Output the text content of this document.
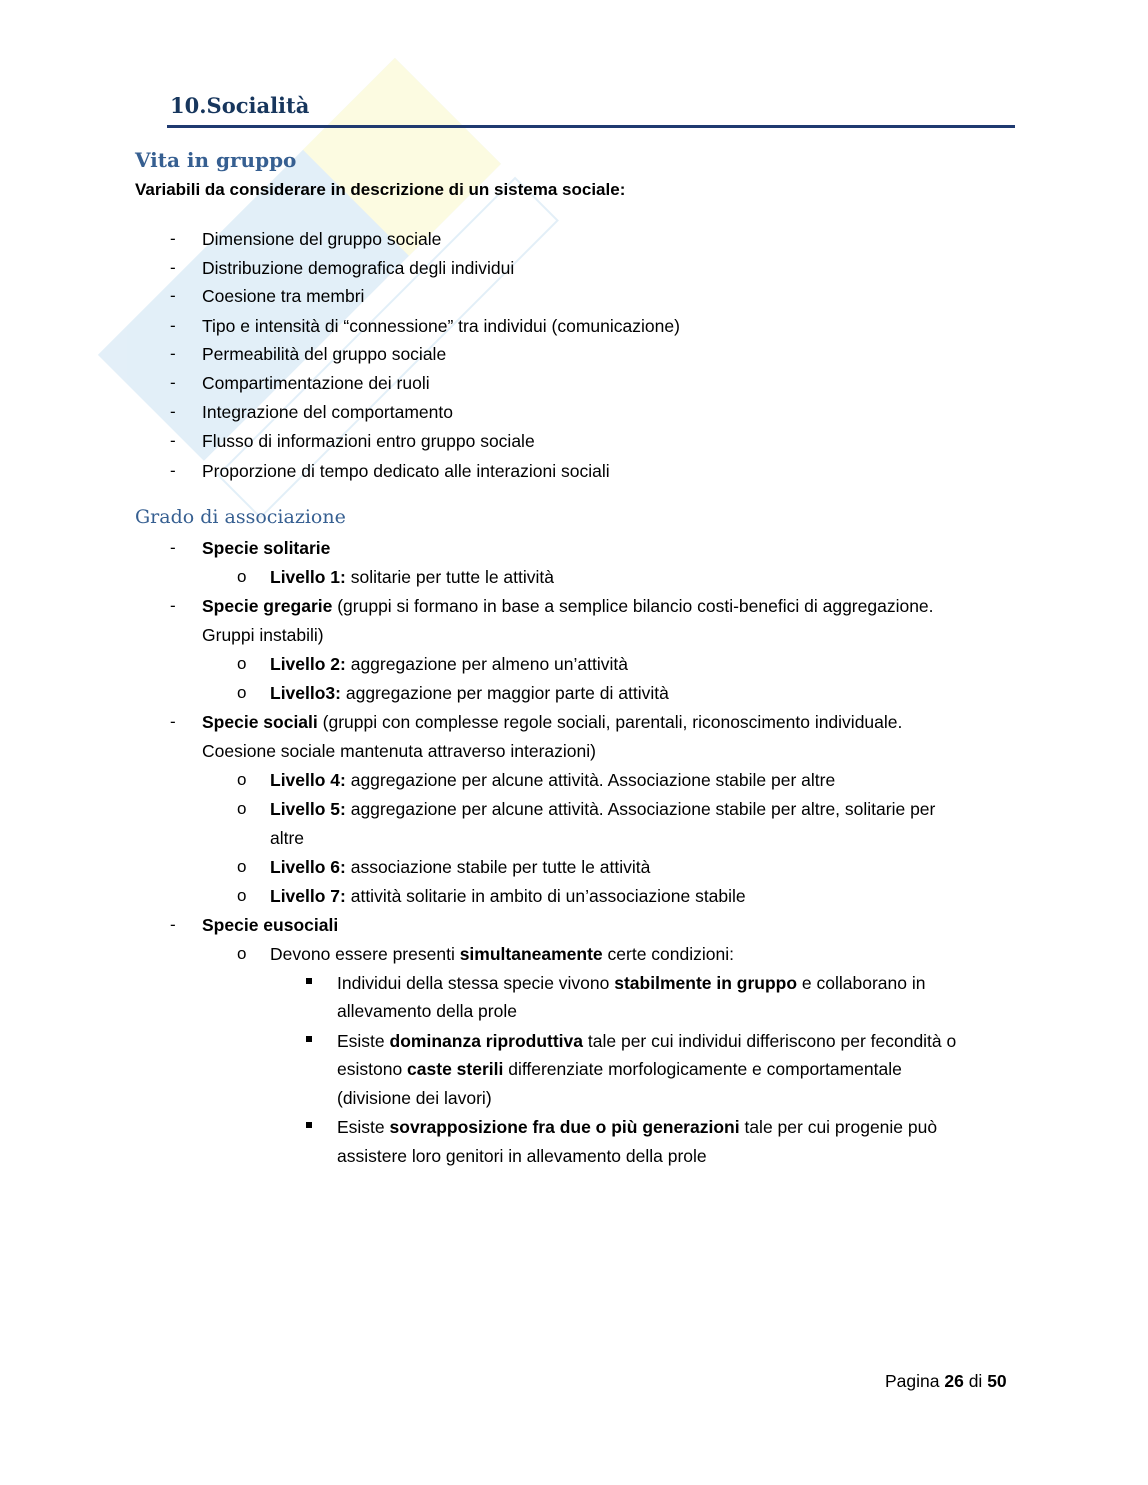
10.Socialità
Vita in gruppo
Variabili da considerare in descrizione di un sistema sociale:
- Dimensione del gruppo sociale
- Distribuzione demografica degli individui
- Coesione tra membri
- Tipo e intensità di “connessione” tra individui (comunicazione)
- Permeabilità del gruppo sociale
- Compartimentazione dei ruoli
- Integrazione del comportamento
- Flusso di informazioni entro gruppo sociale
- Proporzione di tempo dedicato alle interazioni sociali
Grado di associazione
- Specie solitarie
o Livello 1: solitarie per tutte le attività
- Specie gregarie (gruppi si formano in base a semplice bilancio costi-benefici di aggregazione.
Gruppi instabili)
o Livello 2: aggregazione per almeno un’attività
o Livello3: aggregazione per maggior parte di attività
- Specie sociali (gruppi con complesse regole sociali, parentali, riconoscimento individuale.
Coesione sociale mantenuta attraverso interazioni)
o Livello 4: aggregazione per alcune attività. Associazione stabile per altre
o Livello 5: aggregazione per alcune attività. Associazione stabile per altre, solitarie per
altre
o Livello 6: associazione stabile per tutte le attività
o Livello 7: attività solitarie in ambito di un’associazione stabile
- Specie eusociali
o Devono essere presenti simultaneamente certe condizioni:
Individui della stessa specie vivono stabilmente in gruppo e collaborano in
allevamento della prole
Esiste dominanza riproduttiva tale per cui individui differiscono per fecondità o
esistono caste sterili differenziate morfologicamente e comportamentale
(divisione dei lavori)
Esiste sovrapposizione fra due o più generazioni tale per cui progenie può
assistere loro genitori in allevamento della prole
Pagina 26 di 50
